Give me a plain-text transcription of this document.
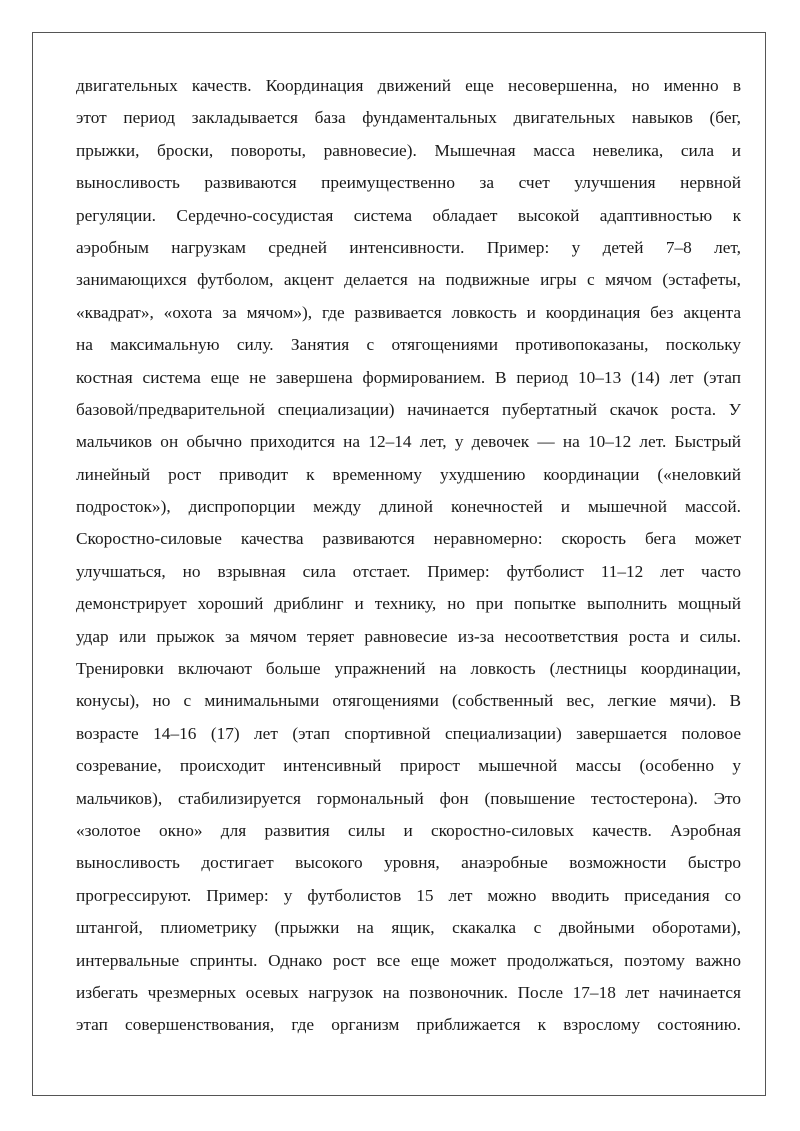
двигательных качеств. Координация движений еще несовершенна, но именно в
этот период закладывается база фундаментальных двигательных навыков (бег,
прыжки, броски, повороты, равновесие). Мышечная масса невелика, сила и
выносливость развиваются преимущественно за счет улучшения нервной
регуляции. Сердечно-сосудистая система обладает высокой адаптивностью к
аэробным нагрузкам средней интенсивности. Пример: у детей 7–8 лет,
занимающихся футболом, акцент делается на подвижные игры с мячом (эстафеты,
«квадрат», «охота за мячом»), где развивается ловкость и координация без акцента
на максимальную силу. Занятия с отягощениями противопоказаны, поскольку
костная система еще не завершена формированием. В период 10–13 (14) лет (этап
базовой/предварительной специализации) начинается пубертатный скачок роста. У
мальчиков он обычно приходится на 12–14 лет, у девочек — на 10–12 лет. Быстрый
линейный рост приводит к временному ухудшению координации («неловкий
подросток»), диспропорции между длиной конечностей и мышечной массой.
Скоростно-силовые качества развиваются неравномерно: скорость бега может
улучшаться, но взрывная сила отстает. Пример: футболист 11–12 лет часто
демонстрирует хороший дриблинг и технику, но при попытке выполнить мощный
удар или прыжок за мячом теряет равновесие из-за несоответствия роста и силы.
Тренировки включают больше упражнений на ловкость (лестницы координации,
конусы), но с минимальными отягощениями (собственный вес, легкие мячи). В
возрасте 14–16 (17) лет (этап спортивной специализации) завершается половое
созревание, происходит интенсивный прирост мышечной массы (особенно у
мальчиков), стабилизируется гормональный фон (повышение тестостерона). Это
«золотое окно» для развития силы и скоростно-силовых качеств. Аэробная
выносливость достигает высокого уровня, анаэробные возможности быстро
прогрессируют. Пример: у футболистов 15 лет можно вводить приседания со
штангой, плиометрику (прыжки на ящик, скакалка с двойными оборотами),
интервальные спринты. Однако рост все еще может продолжаться, поэтому важно
избегать чрезмерных осевых нагрузок на позвоночник. После 17–18 лет начинается
этап совершенствования, где организм приближается к взрослому состоянию.
